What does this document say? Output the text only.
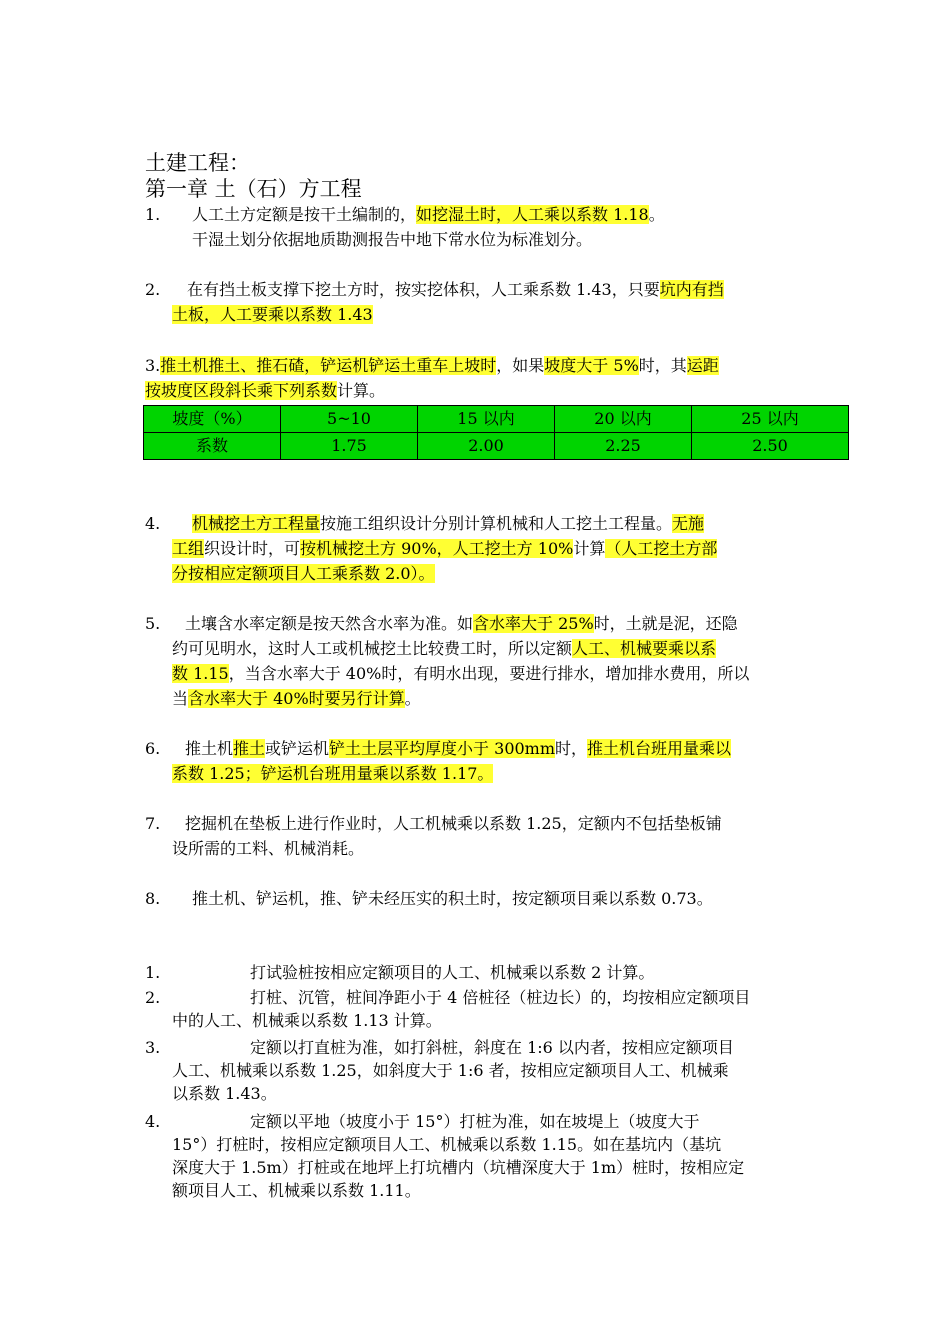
土建工程：
第一章 土（石）方工程
1.	人工土方定额是按干土编制的，如挖湿土时，人工乘以系数 1.18。
干湿土划分依据地质勘测报告中地下常水位为标准划分。
2.	在有挡土板支撑下挖土方时，按实挖体积，人工乘系数 1.43，只要坑内有挡
土板，人工要乘以系数 1.43
3.推土机推土、推石碴，铲运机铲运土重车上坡时，如果坡度大于 5%时，其运距
按坡度区段斜长乘下列系数计算。
坡度（%）	5~10	15 以内	20 以内	25 以内
系数	1.75	2.00	2.25	2.50
4.	机械挖土方工程量按施工组织设计分别计算机械和人工挖土工程量。无施
工组织设计时，可按机械挖土方 90%，人工挖土方 10%计算（人工挖土方部
分按相应定额项目人工乘系数 2.0）。
5.	土壤含水率定额是按天然含水率为准。如含水率大于 25%时，土就是泥，还隐
约可见明水，这时人工或机械挖土比较费工时，所以定额人工、机械要乘以系
数 1.15，当含水率大于 40%时，有明水出现，要进行排水，增加排水费用，所以
当含水率大于 40%时要另行计算。
6.	推土机推土或铲运机铲土土层平均厚度小于 300mm时，推土机台班用量乘以
系数 1.25；铲运机台班用量乘以系数 1.17。
7.	挖掘机在垫板上进行作业时，人工机械乘以系数 1.25，定额内不包括垫板铺
设所需的工料、机械消耗。
8.	推土机、铲运机，推、铲未经压实的积土时，按定额项目乘以系数 0.73。
1.	打试验桩按相应定额项目的人工、机械乘以系数 2 计算。
2.	打桩、沉管，桩间净距小于 4 倍桩径（桩边长）的，均按相应定额项目
中的人工、机械乘以系数 1.13 计算。
3.	定额以打直桩为准，如打斜桩，斜度在 1:6 以内者，按相应定额项目
人工、机械乘以系数 1.25，如斜度大于 1:6 者，按相应定额项目人工、机械乘
以系数 1.43。
4.	定额以平地（坡度小于 15°）打桩为准，如在坡堤上（坡度大于
15°）打桩时，按相应定额项目人工、机械乘以系数 1.15。如在基坑内（基坑
深度大于 1.5m）打桩或在地坪上打坑槽内（坑槽深度大于 1m）桩时，按相应定
额项目人工、机械乘以系数 1.11。
